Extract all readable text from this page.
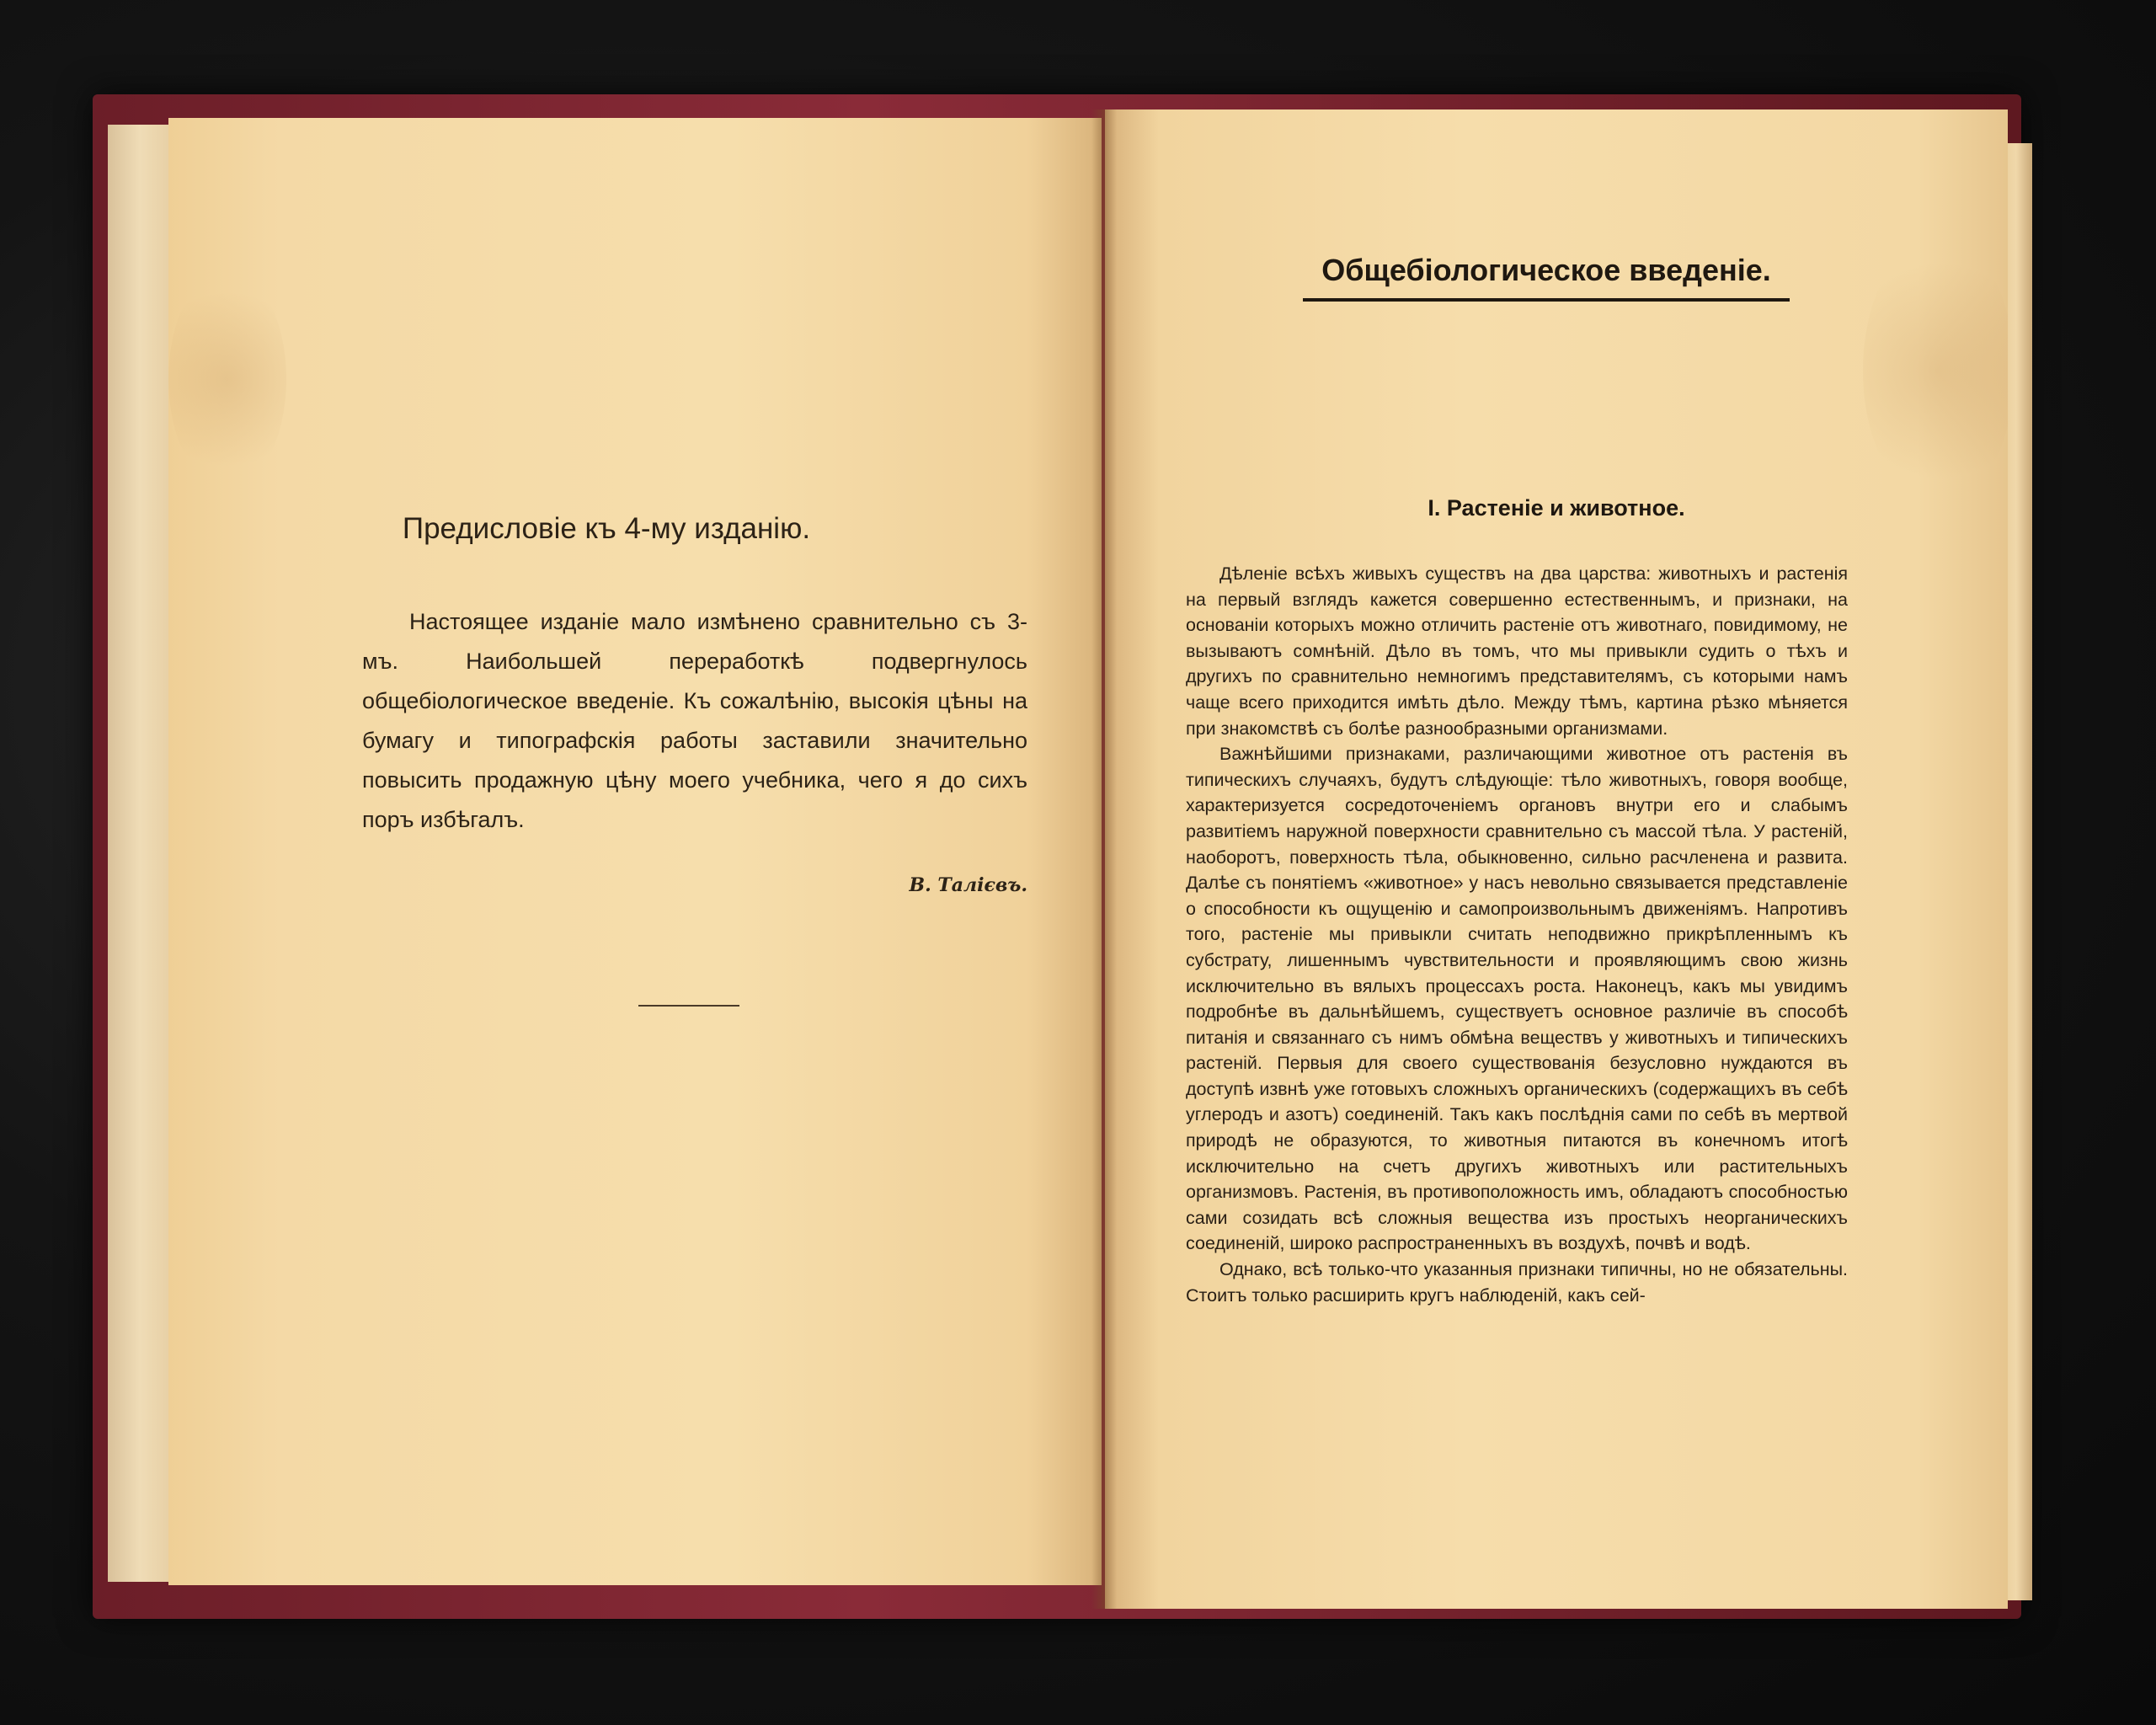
Предисловіе къ 4-му изданію.
Настоящее изданіе мало измѣнено сравнительно съ 3-мъ. Наибольшей переработкѣ подвергнулось общебіологическое введеніе. Къ сожалѣнію, высокія цѣны на бумагу и типографскія работы заставили значительно повысить продажную цѣну моего учебника, чего я до сихъ поръ избѣгалъ.
В. Талієвъ.
Общебіологическое введеніе.
I. Растеніе и животное.

Дѣленіе всѣхъ живыхъ существъ на два царства: животныхъ и растенія на первый взглядъ кажется совершенно естественнымъ, и признаки, на основаніи которыхъ можно отличить растеніе отъ животнаго, повидимому, не вызываютъ сомнѣній. Дѣло въ томъ, что мы привыкли судить о тѣхъ и другихъ по сравнительно немногимъ представителямъ, съ которыми намъ чаще всего приходится имѣть дѣло. Между тѣмъ, картина рѣзко мѣняется при знакомствѣ съ болѣе разнообразными организмами.

Важнѣйшими признаками, различающими животное отъ растенія въ типическихъ случаяхъ, будутъ слѣдующіе: тѣло животныхъ, говоря вообще, характеризуется сосредоточеніемъ органовъ внутри его и слабымъ развитіемъ наружной поверхности сравнительно съ массой тѣла. У растеній, наоборотъ, поверхность тѣла, обыкновенно, сильно расчленена и развита. Далѣе съ понятіемъ «животное» у насъ невольно связывается представленіе о способности къ ощущенію и самопроизвольнымъ движеніямъ. Напротивъ того, растеніе мы привыкли считать неподвижно прикрѣпленнымъ къ субстрату, лишеннымъ чувствительности и проявляющимъ свою жизнь исключительно въ вялыхъ процессахъ роста. Наконецъ, какъ мы увидимъ подробнѣе въ дальнѣйшемъ, существуетъ основное различіе въ способѣ питанія и связаннаго съ нимъ обмѣна веществъ у животныхъ и типическихъ растеній. Первыя для своего существованія безусловно нуждаются въ доступѣ извнѣ уже готовыхъ сложныхъ органическихъ (содержащихъ въ себѣ углеродъ и азотъ) соединеній. Такъ какъ послѣднія сами по себѣ въ мертвой природѣ не образуются, то животныя питаются въ конечномъ итогѣ исключительно на счетъ другихъ животныхъ или растительныхъ организмовъ. Растенія, въ противоположность имъ, обладаютъ способностью сами созидать всѣ сложныя вещества изъ простыхъ неорганическихъ соединеній, широко распространенныхъ въ воздухѣ, почвѣ и водѣ.

Однако, всѣ только-что указанныя признаки типичны, но не обязательны. Стоитъ только расширить кругъ наблюденій, какъ сей-
